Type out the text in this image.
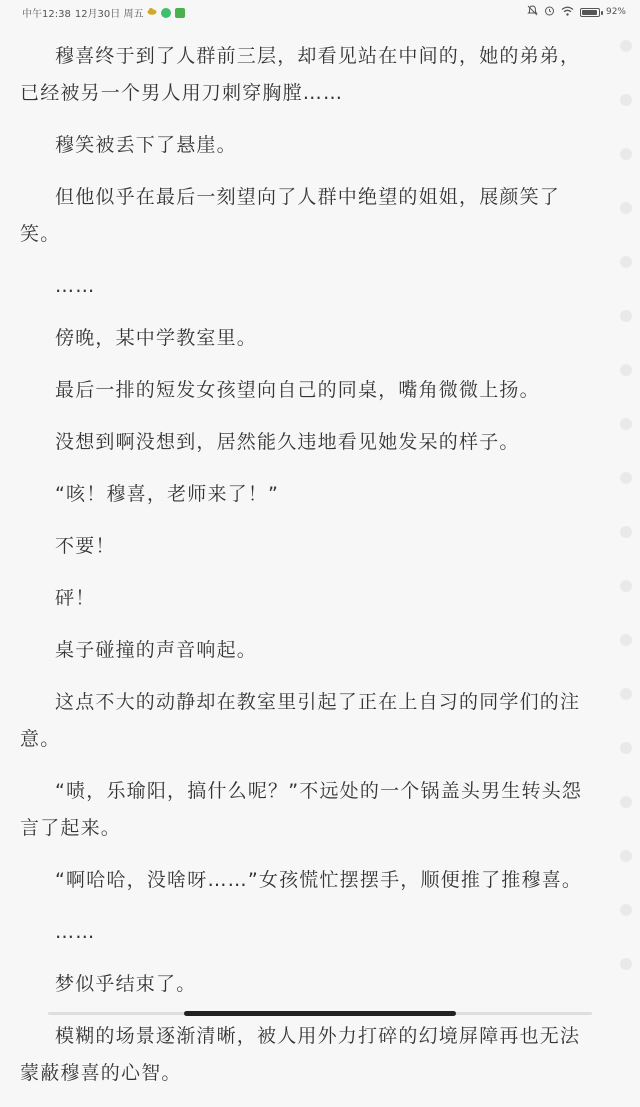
中午12:38 12月30日 周五	92%

穆喜终于到了人群前三层，却看见站在中间的，她的弟弟，已经被另一个男人用刀刺穿胸膛……

穆笑被丢下了悬崖。

但他似乎在最后一刻望向了人群中绝望的姐姐，展颜笑了笑。

……

傍晚，某中学教室里。

最后一排的短发女孩望向自己的同桌，嘴角微微上扬。

没想到啊没想到，居然能久违地看见她发呆的样子。

“咳！穆喜，老师来了！”

不要！

砰！

桌子碰撞的声音响起。

这点不大的动静却在教室里引起了正在上自习的同学们的注意。

“啧，乐瑜阳，搞什么呢？”不远处的一个锅盖头男生转头怨言了起来。

“啊哈哈，没啥呀……”女孩慌忙摆摆手，顺便推了推穆喜。

……

梦似乎结束了。

模糊的场景逐渐清晰，被人用外力打碎的幻境屏障再也无法蒙蔽穆喜的心智。
